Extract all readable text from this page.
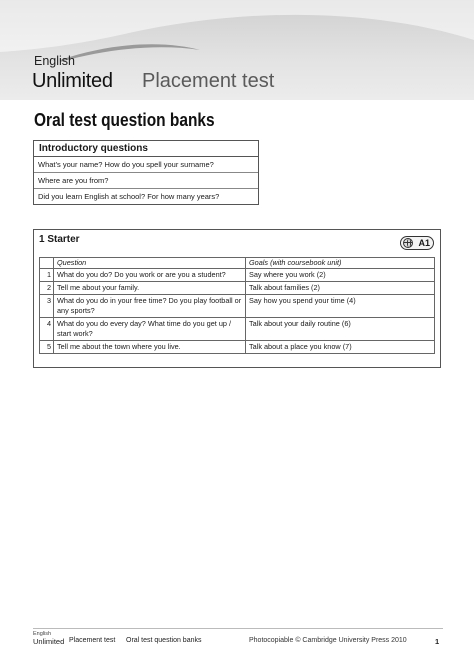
English
Unlimited Placement test
Oral test question banks
Introductory questions
What’s your name? How do you spell your surname?
Where are you from?
Did you learn English at school? For how many years?
1 Starter	A1
	Question	Goals (with coursebook unit)
1	What do you do? Do you work or are you a student?	Say where you work (2)
2	Tell me about your family.	Talk about families (2)
3	What do you do in your free time? Do you play football or any sports?	Say how you spend your time (4)
4	What do you do every day? What time do you get up / start work?	Talk about your daily routine (6)
5	Tell me about the town where you live.	Talk about a place you know (7)
English
Unlimited Placement test Oral test question banks	Photocopiable © Cambridge University Press 2010	1
